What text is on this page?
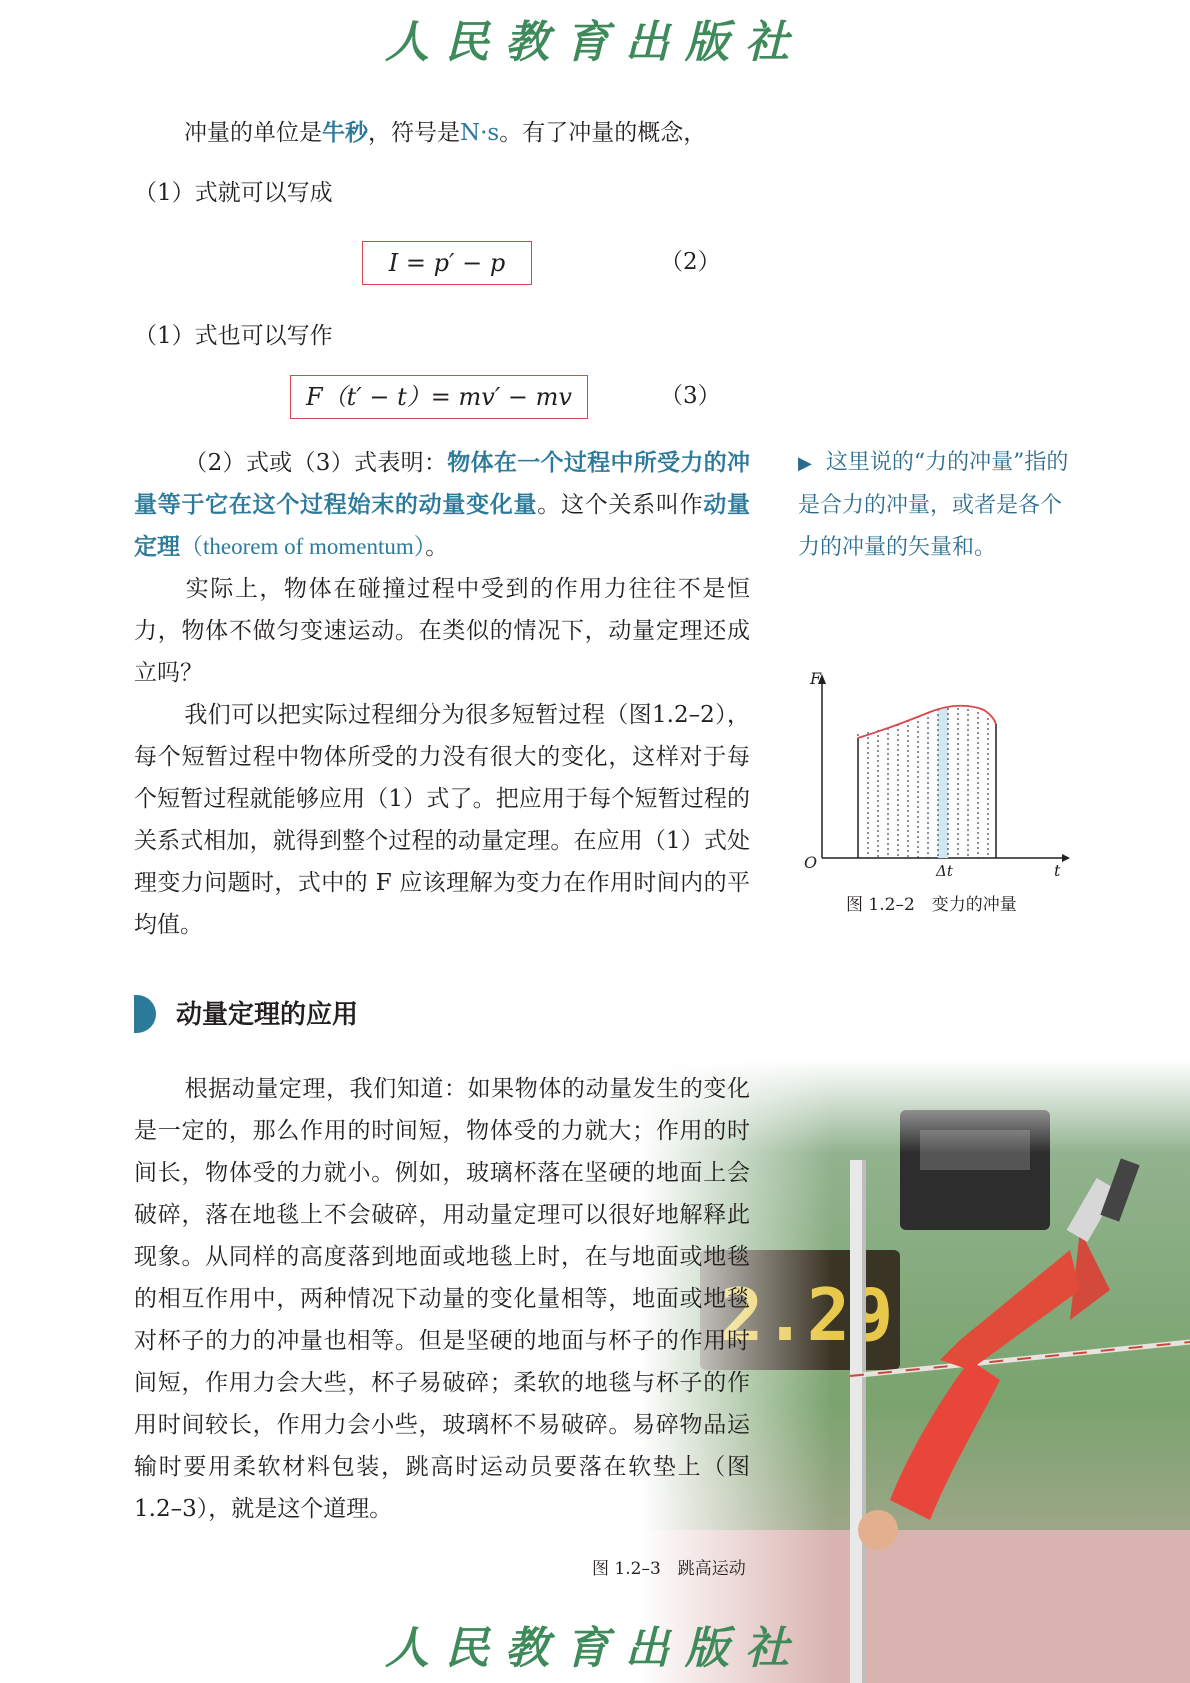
人民教育出版社
冲量的单位是牛秒，符号是N·s。有了冲量的概念，
（1）式就可以写成
I = p′ − p	（2）
（1）式也可以写作
F（t′ − t）= mv′ − mv	（3）
（2）式或（3）式表明：物体在一个过程中所受力的冲量等于它在这个过程始末的动量变化量。这个关系叫作动量定理（theorem of momentum）。
实际上，物体在碰撞过程中受到的作用力往往不是恒力，物体不做匀变速运动。在类似的情况下，动量定理还成立吗？
我们可以把实际过程细分为很多短暂过程（图1.2–2），每个短暂过程中物体所受的力没有很大的变化，这样对于每个短暂过程就能够应用（1）式了。把应用于每个短暂过程的关系式相加，就得到整个过程的动量定理。在应用（1）式处理变力问题时，式中的 F 应该理解为变力在作用时间内的平均值。
▶ 这里说的“力的冲量”指的是合力的冲量，或者是各个力的冲量的矢量和。
F
t
O	Δt
图 1.2–2　变力的冲量
动量定理的应用
根据动量定理，我们知道：如果物体的动量发生的变化是一定的，那么作用的时间短，物体受的力就大；作用的时间长，物体受的力就小。例如，玻璃杯落在坚硬的地面上会破碎，落在地毯上不会破碎，用动量定理可以很好地解释此现象。从同样的高度落到地面或地毯上时，在与地面或地毯的相互作用中，两种情况下动量的变化量相等，地面或地毯对杯子的力的冲量也相等。但是坚硬的地面与杯子的作用时间短，作用力会大些，杯子易破碎；柔软的地毯与杯子的作用时间较长，作用力会小些，玻璃杯不易破碎。易碎物品运输时要用柔软材料包装，跳高时运动员要落在软垫上（图1.2–3），就是这个道理。
图 1.2–3　跳高运动
人民教育出版社
